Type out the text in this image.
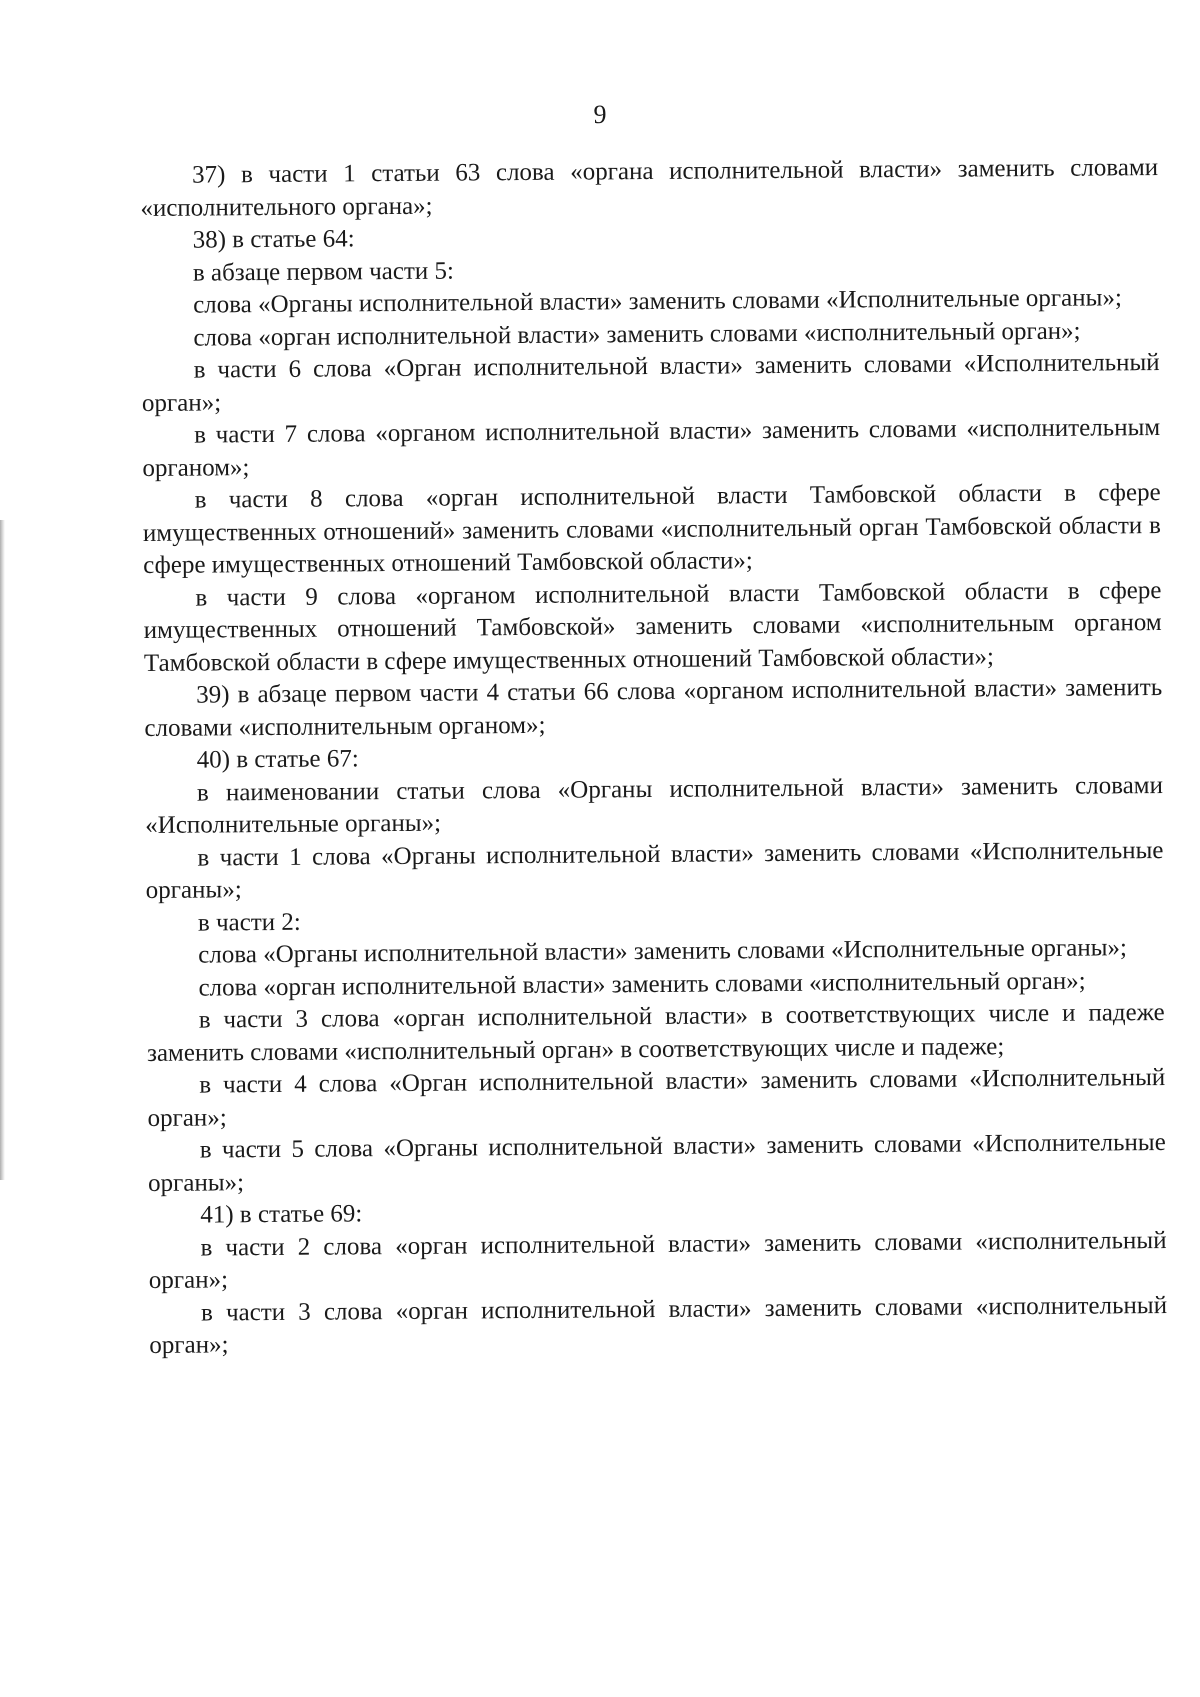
9

37) в части 1 статьи 63 слова «органа исполнительной власти» заменить словами «исполнительного органа»;

38) в статье 64:

в абзаце первом части 5:

слова «Органы исполнительной власти» заменить словами «Исполнительные органы»;

слова «орган исполнительной власти» заменить словами «исполнительный орган»;

в части 6 слова «Орган исполнительной власти» заменить словами «Исполнительный орган»;

в части 7 слова «органом исполнительной власти» заменить словами «исполнительным органом»;

в части 8 слова «орган исполнительной власти Тамбовской области в сфере имущественных отношений» заменить словами «исполнительный орган Тамбовской области в сфере имущественных отношений Тамбовской области»;

в части 9 слова «органом исполнительной власти Тамбовской области в сфере имущественных отношений Тамбовской» заменить словами «исполнительным органом Тамбовской области в сфере имущественных отношений Тамбовской области»;

39) в абзаце первом части 4 статьи 66 слова «органом исполнительной власти» заменить словами «исполнительным органом»;

40) в статье 67:

в наименовании статьи слова «Органы исполнительной власти» заменить словами «Исполнительные органы»;

в части 1 слова «Органы исполнительной власти» заменить словами «Исполнительные органы»;

в части 2:

слова «Органы исполнительной власти» заменить словами «Исполнительные органы»;

слова «орган исполнительной власти» заменить словами «исполнительный орган»;

в части 3 слова «орган исполнительной власти» в соответствующих числе и падеже заменить словами «исполнительный орган» в соответствующих числе и падеже;

в части 4 слова «Орган исполнительной власти» заменить словами «Исполнительный орган»;

в части 5 слова «Органы исполнительной власти» заменить словами «Исполнительные органы»;

41) в статье 69:

в части 2 слова «орган исполнительной власти» заменить словами «исполнительный орган»;

в части 3 слова «орган исполнительной власти» заменить словами «исполнительный орган»;
